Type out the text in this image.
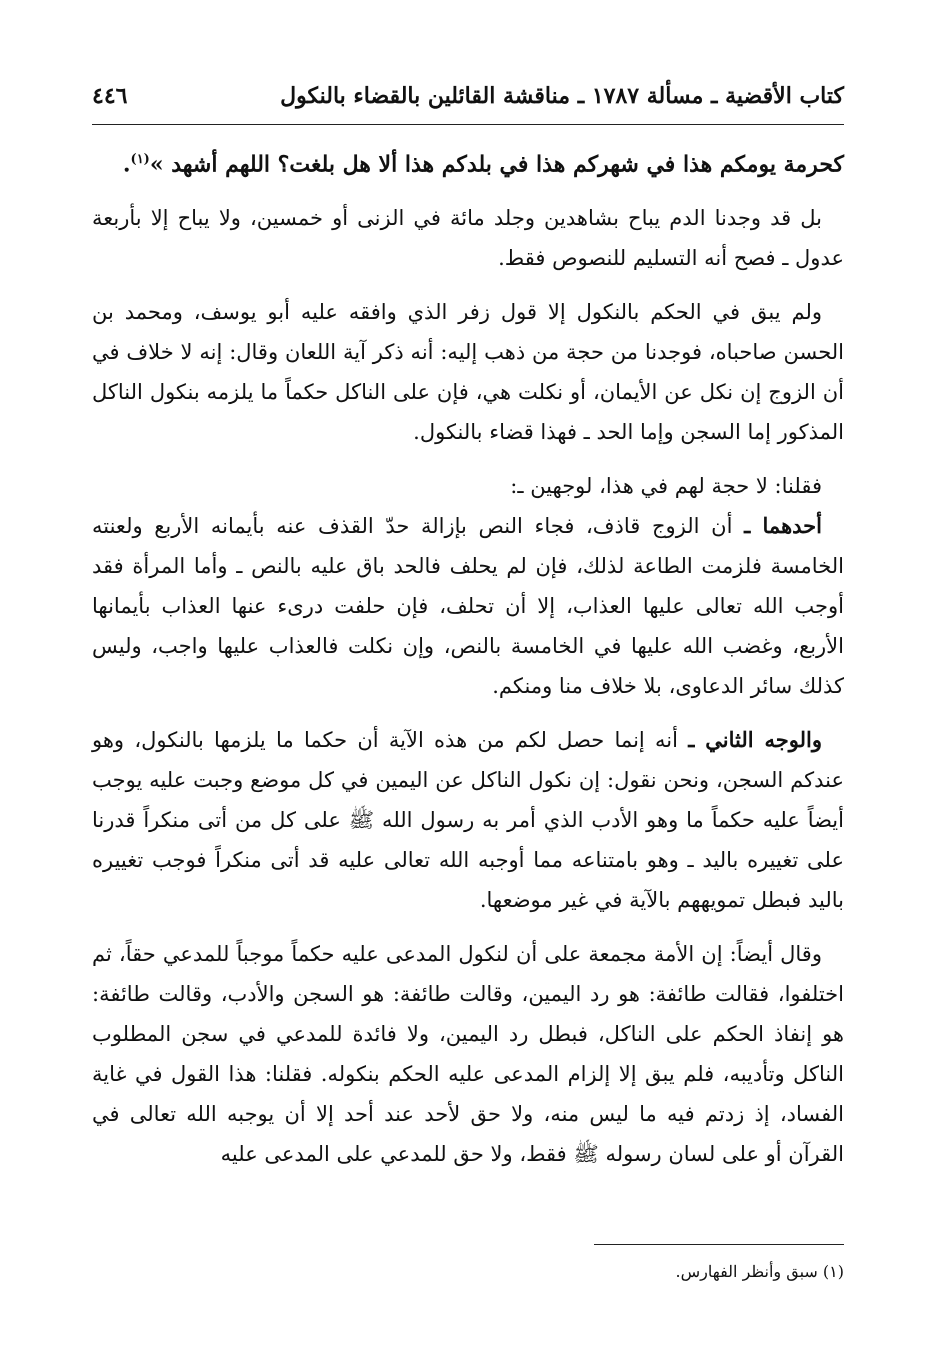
كتاب الأقضية ـ مسألة ١٧٨٧ ـ مناقشة القائلين بالقضاء بالنكول
٤٤٦

كحرمة يومكم هذا في شهركم هذا في بلدكم هذا ألا هل بلغت؟ اللهم أشهد »$^{(١)}$.

بل قد وجدنا الدم يباح بشاهدين وجلد مائة في الزنى أو خمسين، ولا يباح إلا بأربعة عدول ـ فصح أنه التسليم للنصوص فقط.

ولم يبق في الحكم بالنكول إلا قول زفر الذي وافقه عليه أبو يوسف، ومحمد بن الحسن صاحباه، فوجدنا من حجة من ذهب إليه: أنه ذكر آية اللعان وقال: إنه لا خلاف في أن الزوج إن نكل عن الأيمان، أو نكلت هي، فإن على الناكل حكماً ما يلزمه بنكول الناكل المذكور إما السجن وإما الحد ـ فهذا قضاء بالنكول.

فقلنا: لا حجة لهم في هذا، لوجهين ـ:

أحدهما ـ أن الزوج قاذف، فجاء النص بإزالة حدّ القذف عنه بأيمانه الأربع ولعنته الخامسة فلزمت الطاعة لذلك، فإن لم يحلف فالحد باق عليه بالنص ـ وأما المرأة فقد أوجب الله تعالى عليها العذاب، إلا أن تحلف، فإن حلفت درىء عنها العذاب بأيمانها الأربع، وغضب الله عليها في الخامسة بالنص، وإن نكلت فالعذاب عليها واجب، وليس كذلك سائر الدعاوى، بلا خلاف منا ومنكم.

والوجه الثاني ـ أنه إنما حصل لكم من هذه الآية أن حكما ما يلزمها بالنكول، وهو عندكم السجن، ونحن نقول: إن نكول الناكل عن اليمين في كل موضع وجبت عليه يوجب أيضاً عليه حكماً ما وهو الأدب الذي أمر به رسول الله ﷺ على كل من أتى منكراً قدرنا على تغييره باليد ـ وهو بامتناعه مما أوجبه الله تعالى عليه قد أتى منكراً فوجب تغييره باليد فبطل تمويههم بالآية في غير موضعها.

وقال أيضاً: إن الأمة مجمعة على أن لنكول المدعى عليه حكماً موجباً للمدعي حقاً، ثم اختلفوا، فقالت طائفة: هو رد اليمين، وقالت طائفة: هو السجن والأدب، وقالت طائفة: هو إنفاذ الحكم على الناكل، فبطل رد اليمين، ولا فائدة للمدعي في سجن المطلوب الناكل وتأديبه، فلم يبق إلا إلزام المدعى عليه الحكم بنكوله. فقلنا: هذا القول في غاية الفساد، إذ زدتم فيه ما ليس منه، ولا حق لأحد عند أحد إلا أن يوجبه الله تعالى في القرآن أو على لسان رسوله ﷺ فقط، ولا حق للمدعي على المدعى عليه

(١) سبق وأنظر الفهارس.
